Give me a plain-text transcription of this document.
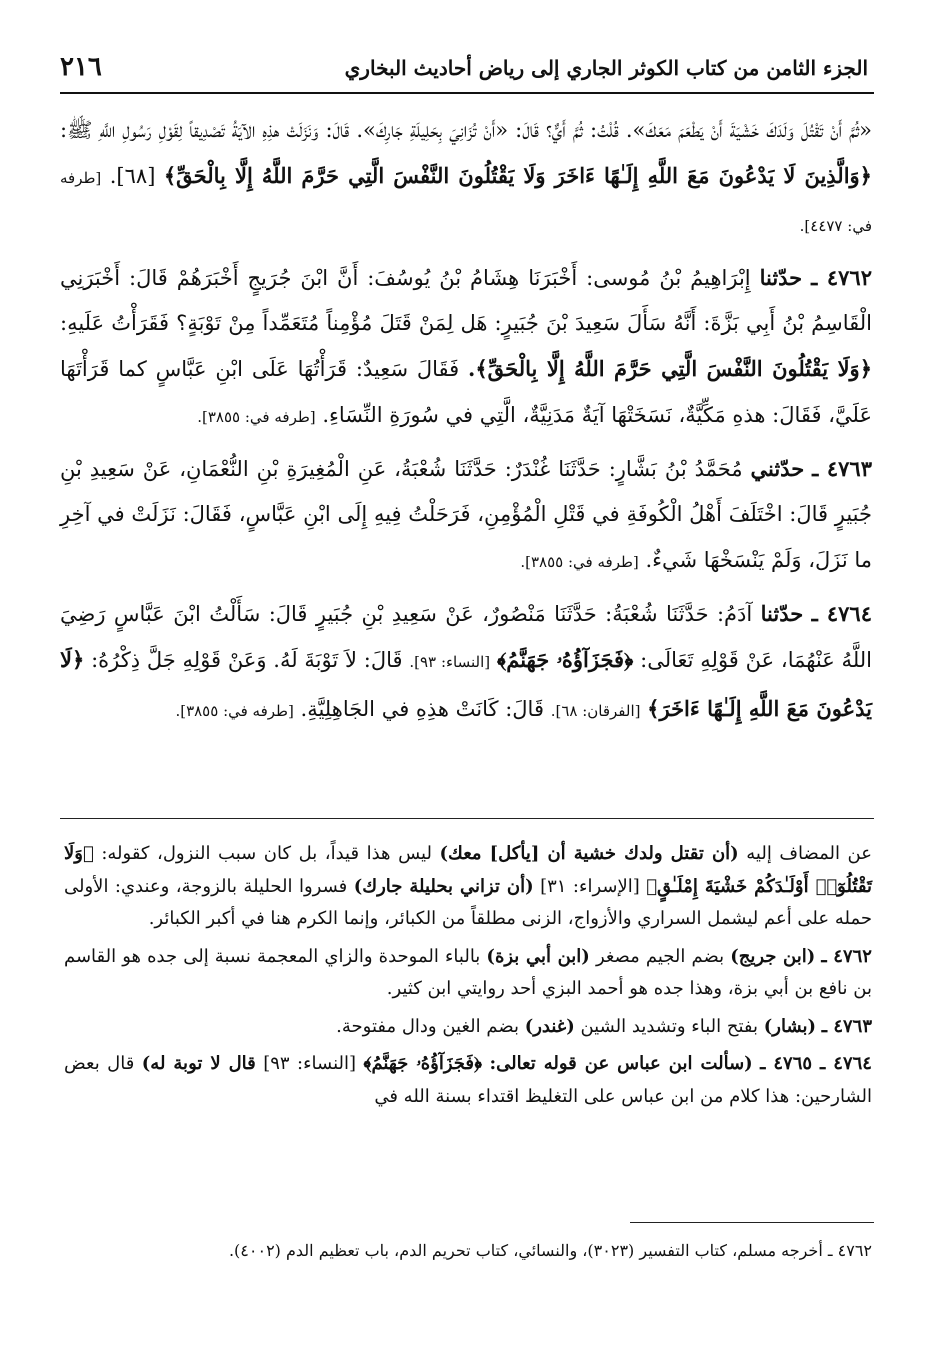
٢١٦	الجزء الثامن من كتاب الكوثر الجاري إلى رياض أحاديث البخاري

«ثُمَّ أَنْ تَقْتُلَ وَلَدَكَ خَشْيَةَ أَنْ يَطْعَمَ مَعَكَ». قُلْتُ: ثُمَّ أَيٌّ؟ قَالَ: «أَنْ تُزَانِيَ بِحَلِيلَةِ جَارِكَ». قَالَ: وَنَزَلَتْ هذِهِ الآيَةُ تَصْدِيقاً لِقَوْلِ رَسُولِ اللَّهِ ﷺ: ﴿وَالَّذِينَ لَا يَدْعُونَ مَعَ اللَّهِ إِلَـٰهًا ءَاخَرَ وَلَا يَقْتُلُونَ النَّفْسَ الَّتِي حَرَّمَ اللَّهُ إِلَّا بِالْحَقِّ﴾ [٦٨]. [طرفه في: ٤٤٧٧].

٤٧٦٢ ـ حدّثنا إِبْرَاهِيمُ بْنُ مُوسى: أَخْبَرَنَا هِشَامُ بْنُ يُوسُفَ: أَنَّ ابْنَ جُرَيجٍ أَخْبَرَهُمْ قَالَ: أَخْبَرَنِي الْقَاسِمُ بْنُ أَبِي بَزَّةَ: أَنَّهُ سَأَلَ سَعِيدَ بْنَ جُبَيرٍ: هَل لِمَنْ قَتَلَ مُؤْمِناً مُتَعَمِّداً مِنْ تَوْبَةٍ؟ فَقَرَأْتُ عَلَيهِ: ﴿وَلَا يَقْتُلُونَ النَّفْسَ الَّتِي حَرَّمَ اللَّهُ إِلَّا بِالْحَقِّ﴾. فَقَالَ سَعِيدٌ: قَرَأْتُهَا عَلَى ابْنِ عَبَّاسٍ كما قَرَأْتَهَا عَلَيَّ، فَقَالَ: هذهِ مَكِّيَّةٌ، نَسَخَتْهَا آيَةٌ مَدَنِيَّةٌ، الَّتِي في سُورَةِ النِّسَاءِ. [طرفه في: ٣٨٥٥].

٤٧٦٣ ـ حدّثني مُحَمَّدُ بْنُ بَشَّارٍ: حَدَّثَنَا غُنْدَرٌ: حَدَّثَنَا شُعْبَةُ، عَنِ الْمُغِيرَةِ بْنِ النُّعْمَانِ، عَنْ سَعِيدِ بْنِ جُبَيرٍ قَالَ: اخْتَلَفَ أَهْلُ الْكُوفَةِ في قَتْلِ الْمُؤْمِنِ، فَرَحَلْتُ فِيهِ إِلَى ابْنِ عَبَّاسٍ، فَقَالَ: نَزَلَتْ في آخِرِ ما نَزَلَ، وَلَمْ يَنْسَخْهَا شَيءٌ. [طرفه في: ٣٨٥٥].

٤٧٦٤ ـ حدّثنا آدَمُ: حَدَّثَنَا شُعْبَةُ: حَدَّثَنَا مَنْصُورٌ، عَنْ سَعِيدِ بْنِ جُبَيرٍ قَالَ: سَأَلْتُ ابْنَ عَبَّاسٍ رَضِيَ اللَّهُ عَنْهُمَا، عَنْ قَوْلِهِ تَعَالَى: ﴿فَجَزَآؤُهُۥ جَهَنَّمُ﴾ [النساء: ٩٣]. قَالَ: لاَ تَوْبَةَ لَهُ. وَعَنْ قَوْلِهِ جَلَّ ذِكْرُهُ: ﴿لَا يَدْعُونَ مَعَ اللَّهِ إِلَـٰهًا ءَاخَرَ﴾ [الفرقان: ٦٨]. قَالَ: كَانَتْ هذِهِ في الجَاهِلِيَّةِ. [طرفه في: ٣٨٥٥].

عن المضاف إليه (أن تقتل ولدك خشية أن [يأكل] معك) ليس هذا قيداً، بل كان سبب النزول، كقوله: ﴿وَلَا تَقْتُلُوٓا۟ أَوْلَـٰدَكُمْ خَشْيَةَ إِمْلَـٰقٍ﴾ [الإسراء: ٣١] (أن تزاني بحليلة جارك) فسروا الحليلة بالزوجة، وعندي: الأولى حمله على أعم ليشمل السراري والأزواج، الزنى مطلقاً من الكبائر، وإنما الكرم هنا في أكبر الكبائر.

٤٧٦٢ ـ (ابن جريج) بضم الجيم مصغر (ابن أبي بزة) بالباء الموحدة والزاي المعجمة نسبة إلى جده هو القاسم بن نافع بن أبي بزة، وهذا جده هو أحمد البزي أحد روايتي ابن كثير.

٤٧٦٣ ـ (بشار) بفتح الباء وتشديد الشين (غندر) بضم الغين ودال مفتوحة.

٤٧٦٤ ـ ٤٧٦٥ ـ (سألت ابن عباس عن قوله تعالى: ﴿فَجَزَآؤُهُۥ جَهَنَّمُ﴾ [النساء: ٩٣] قال لا توبة له) قال بعض الشارحين: هذا كلام من ابن عباس على التغليظ اقتداء بسنة الله في

٤٧٦٢ ـ أخرجه مسلم، كتاب التفسير (٣٠٢٣)، والنسائي، كتاب تحريم الدم، باب تعظيم الدم (٤٠٠٢).
